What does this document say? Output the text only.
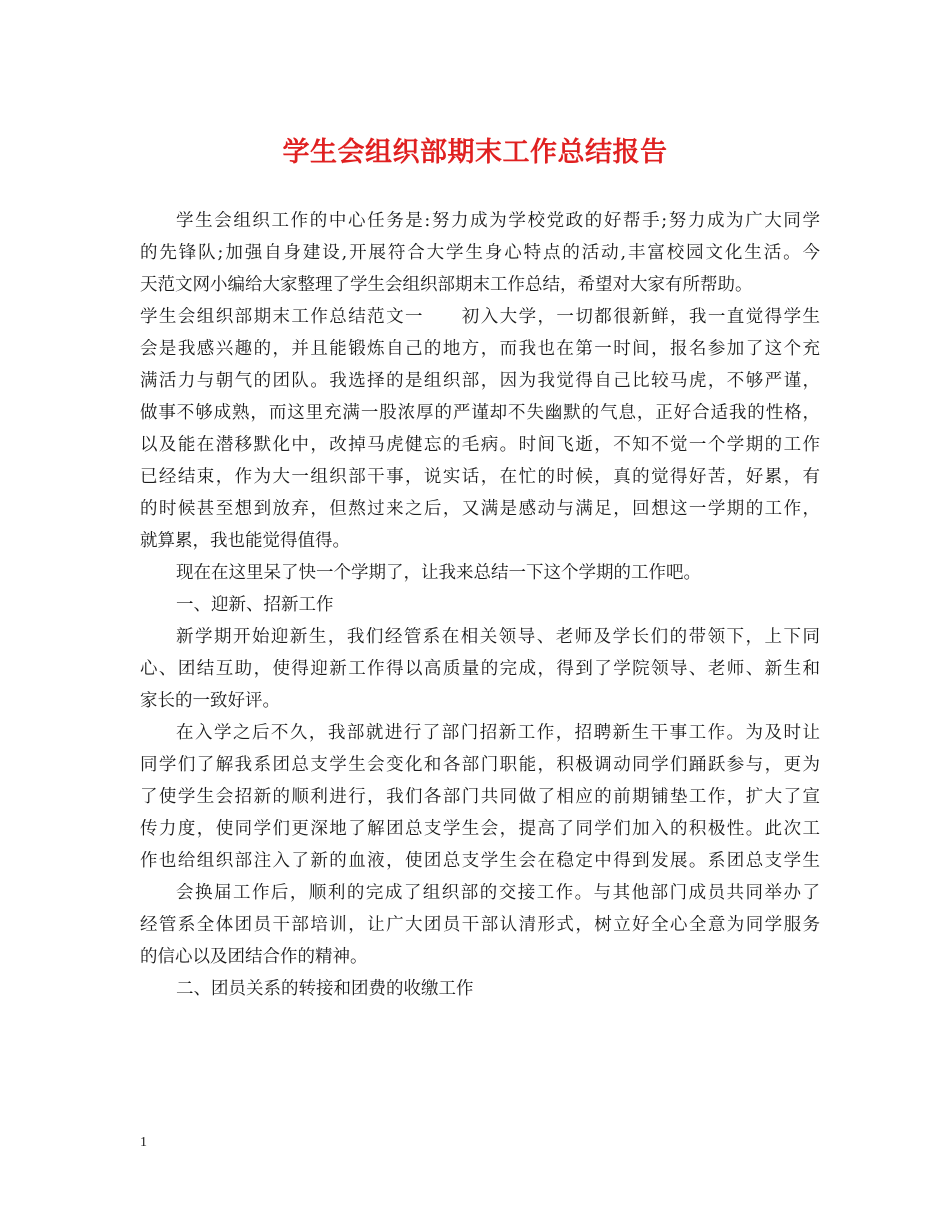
学生会组织部期末工作总结报告
学生会组织工作的中心任务是:努力成为学校党政的好帮手;努力成为广大同学
的先锋队;加强自身建设,开展符合大学生身心特点的活动,丰富校园文化生活。今
天范文网小编给大家整理了学生会组织部期末工作总结，希望对大家有所帮助。
学生会组织部期末工作总结范文一　　初入大学，一切都很新鲜，我一直觉得学生
会是我感兴趣的，并且能锻炼自己的地方，而我也在第一时间，报名参加了这个充
满活力与朝气的团队。我选择的是组织部，因为我觉得自己比较马虎，不够严谨，
做事不够成熟，而这里充满一股浓厚的严谨却不失幽默的气息，正好合适我的性格，
以及能在潜移默化中，改掉马虎健忘的毛病。时间飞逝，不知不觉一个学期的工作
已经结束，作为大一组织部干事，说实话，在忙的时候，真的觉得好苦，好累，有
的时候甚至想到放弃，但熬过来之后，又满是感动与满足，回想这一学期的工作，
就算累，我也能觉得值得。
现在在这里呆了快一个学期了，让我来总结一下这个学期的工作吧。
一、迎新、招新工作
新学期开始迎新生，我们经管系在相关领导、老师及学长们的带领下，上下同
心、团结互助，使得迎新工作得以高质量的完成，得到了学院领导、老师、新生和
家长的一致好评。
在入学之后不久，我部就进行了部门招新工作，招聘新生干事工作。为及时让
同学们了解我系团总支学生会变化和各部门职能，积极调动同学们踊跃参与，更为
了使学生会招新的顺利进行，我们各部门共同做了相应的前期铺垫工作，扩大了宣
传力度，使同学们更深地了解团总支学生会，提高了同学们加入的积极性。此次工
作也给组织部注入了新的血液，使团总支学生会在稳定中得到发展。系团总支学生
会换届工作后，顺利的完成了组织部的交接工作。与其他部门成员共同举办了
经管系全体团员干部培训，让广大团员干部认清形式，树立好全心全意为同学服务
的信心以及团结合作的精神。
二、团员关系的转接和团费的收缴工作
1
